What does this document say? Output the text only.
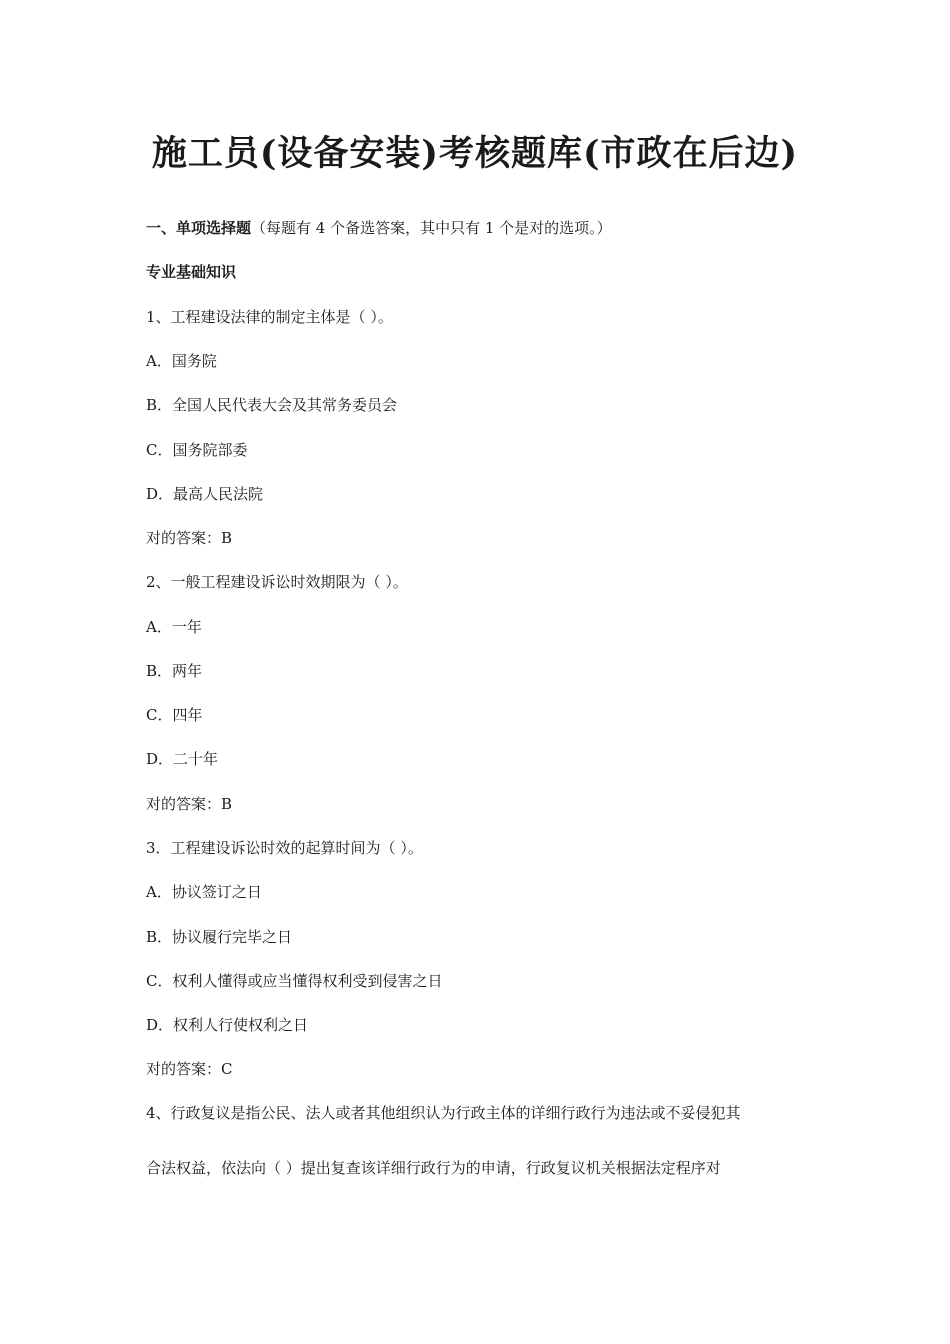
施工员(设备安装)考核题库(市政在后边)
一、单项选择题（每题有 4 个备选答案，其中只有 1 个是对的选项。）
专业基础知识
1、工程建设法律的制定主体是（ ）。
A．国务院
B．全国人民代表大会及其常务委员会
C．国务院部委
D．最高人民法院
对的答案：B
2、一般工程建设诉讼时效期限为（ ）。
A．一年
B．两年
C．四年
D．二十年
对的答案：B
3．工程建设诉讼时效的起算时间为（ ）。
A．协议签订之日
B．协议履行完毕之日
C．权利人懂得或应当懂得权利受到侵害之日
D．权利人行使权利之日
对的答案：C
4、行政复议是指公民、法人或者其他组织认为行政主体的详细行政行为违法或不妥侵犯其
合法权益，依法向（ ）提出复查该详细行政行为的申请，行政复议机关根据法定程序对
